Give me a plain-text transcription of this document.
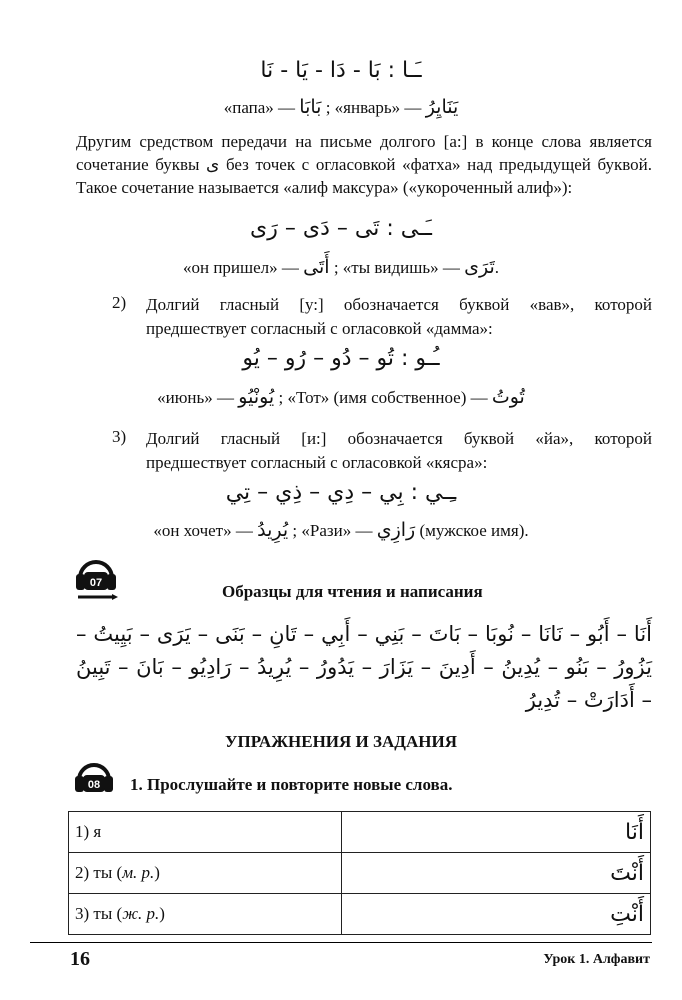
ـَـا : بَا - دَا - يَا - نَا
«папа» — بَابَا ; «январь» — يَنَايِرُ

Другим средством передачи на письме долгого [а:] в конце слова является сочетание буквы ى без точек с огласовкой «фатха» над предыдущей буквой. Такое сочетание называется «алиф максура» («укороченный алиф»):

ـَـى : تَى – دَى – رَى
«он пришел» — أَتَى ; «ты видишь» — تَرَى.
2) Долгий гласный [у:] обозначается буквой «вав», которой предшествует согласный с огласовкой «дамма»:
ـُـو : تُو – دُو – رُو – يُو
«июнь» — يُونْيُو ; «Тот» (имя собственное) — تُوتُ
3) Долгий гласный [и:] обозначается буквой «йа», которой предшествует согласный с огласовкой «кясра»:
ـِـي : بِي – دِي – ذِي – تِي
«он хочет» — يُرِيدُ ; «Рази» — رَازِي (мужское имя).
07	Образцы для чтения и написания
أَنَا – أَبُو – نَانَا – نُوبَا – بَاتَ – بَنِي – أَبِي – تَانِ – بَنَى – يَرَى – بَيِيتُ – يَزُورُ – بَنُو – يُدِينُ – أَدِينَ – يَزَارَ – يَدُورُ – يُرِيدُ – رَادِيُو – بَانَ – تَبِينُ – أَدَارَتْ – تُدِيرُ
УПРАЖНЕНИЯ И ЗАДАНИЯ
08 1. Прослушайте и повторите новые слова.
1) я	أَنَا
2) ты (м. р.)	أَنْتَ
3) ты (ж. р.)	أَنْتِ
16	Урок 1. Алфавит
